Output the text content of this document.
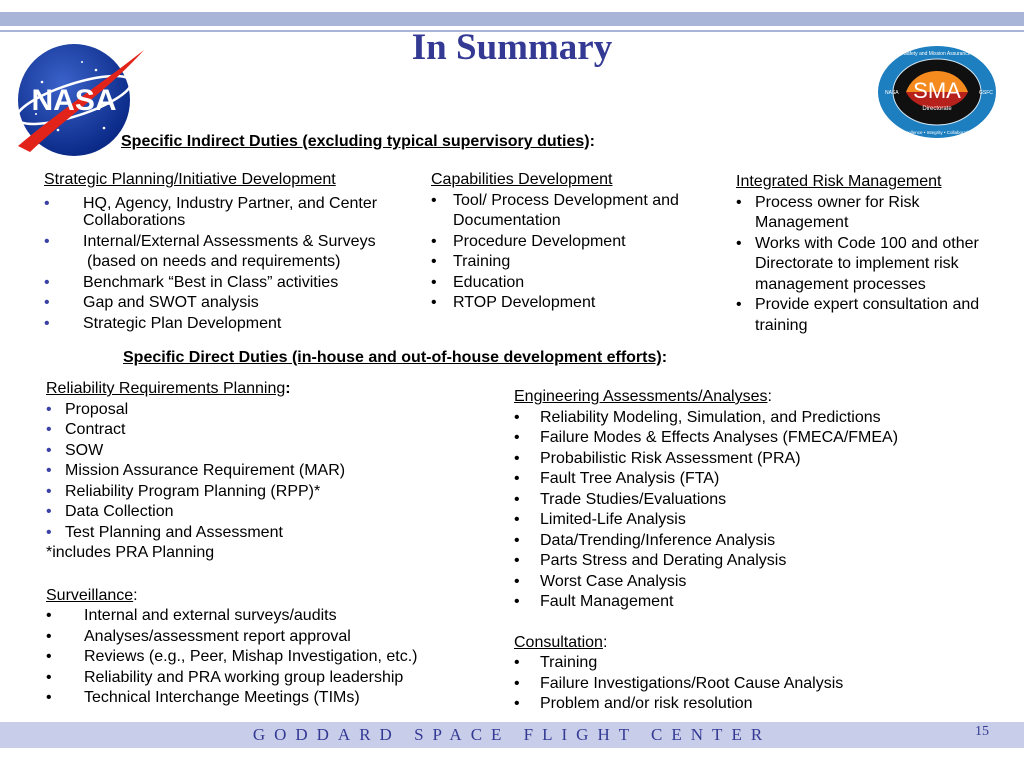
In Summary
NASA	SMA
Directorate
Safety and Mission Assurance
Excellence • Integrity • Collaboration
NASA	GSFC
Specific Indirect Duties (excluding typical supervisory duties):
Strategic Planning/Initiative Development
• HQ, Agency, Industry Partner, and Center Collaborations
• Internal/External Assessments & Surveys
(based on needs and requirements)
• Benchmark “Best in Class” activities
• Gap and SWOT analysis
• Strategic Plan Development
Capabilities Development
• Tool/ Process Development and Documentation
• Procedure Development
• Training
• Education
• RTOP Development
Integrated Risk Management
• Process owner for Risk Management
• Works with Code 100 and other Directorate to implement risk management processes
• Provide expert consultation and training
Specific Direct Duties (in-house and out-of-house development efforts):
Reliability Requirements Planning:
• Proposal
• Contract
• SOW
• Mission Assurance Requirement (MAR)
• Reliability Program Planning (RPP)*
• Data Collection
• Test Planning and Assessment
*includes PRA Planning
Surveillance:
• Internal and external surveys/audits
• Analyses/assessment report approval
• Reviews (e.g., Peer, Mishap Investigation, etc.)
• Reliability and PRA working group leadership
• Technical Interchange Meetings (TIMs)
Engineering Assessments/Analyses:
• Reliability Modeling, Simulation, and Predictions
• Failure Modes & Effects Analyses (FMECA/FMEA)
• Probabilistic Risk Assessment (PRA)
• Fault Tree Analysis (FTA)
• Trade Studies/Evaluations
• Limited-Life Analysis
• Data/Trending/Inference Analysis
• Parts Stress and Derating Analysis
• Worst Case Analysis
• Fault Management
Consultation:
• Training
• Failure Investigations/Root Cause Analysis
• Problem and/or risk resolution
GODDARD SPACE FLIGHT CENTER	15
